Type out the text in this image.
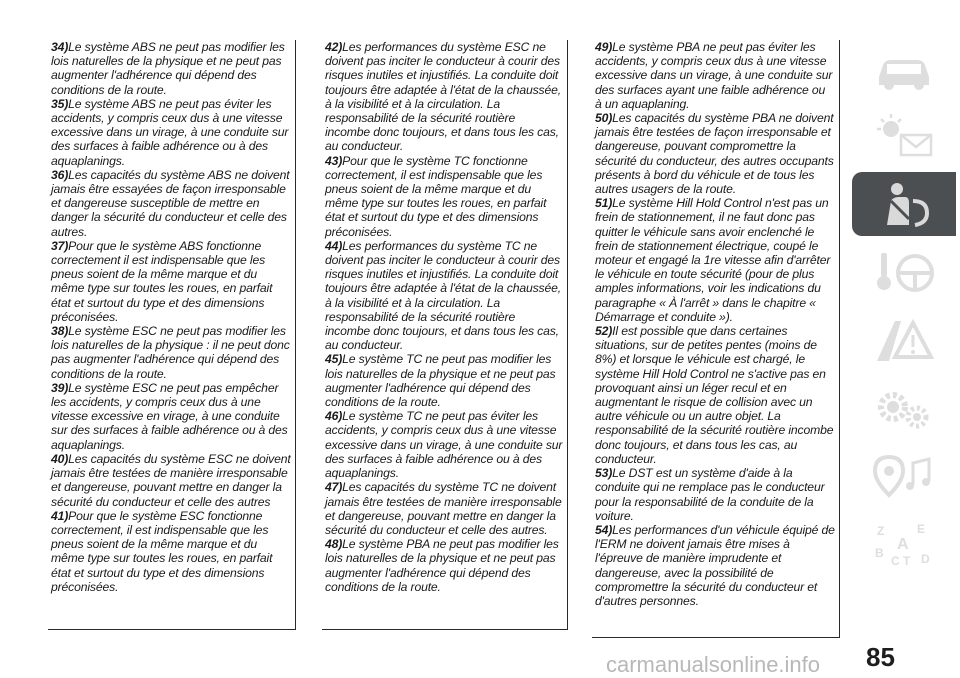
34)Le système ABS ne peut pas modifier les lois naturelles de la physique et ne peut pas augmenter l'adhérence qui dépend des conditions de la route.

35)Le système ABS ne peut pas éviter les accidents, y compris ceux dus à une vitesse excessive dans un virage, à une conduite sur des surfaces à faible adhérence ou à des aquaplanings.

36)Les capacités du système ABS ne doivent jamais être essayées de façon irresponsable et dangereuse susceptible de mettre en danger la sécurité du conducteur et celle des autres.

37)Pour que le système ABS fonctionne correctement il est indispensable que les pneus soient de la même marque et du même type sur toutes les roues, en parfait état et surtout du type et des dimensions préconisées.

38)Le système ESC ne peut pas modifier les lois naturelles de la physique : il ne peut donc pas augmenter l'adhérence qui dépend des conditions de la route.

39)Le système ESC ne peut pas empêcher les accidents, y compris ceux dus à une vitesse excessive en virage, à une conduite sur des surfaces à faible adhérence ou à des aquaplanings.

40)Les capacités du système ESC ne doivent jamais être testées de manière irresponsable et dangereuse, pouvant mettre en danger la sécurité du conducteur et celle des autres

41)Pour que le système ESC fonctionne correctement, il est indispensable que les pneus soient de la même marque et du même type sur toutes les roues, en parfait état et surtout du type et des dimensions préconisées.

42)Les performances du système ESC ne doivent pas inciter le conducteur à courir des risques inutiles et injustifiés. La conduite doit toujours être adaptée à l'état de la chaussée, à la visibilité et à la circulation. La responsabilité de la sécurité routière incombe donc toujours, et dans tous les cas, au conducteur.

43)Pour que le système TC fonctionne correctement, il est indispensable que les pneus soient de la même marque et du même type sur toutes les roues, en parfait état et surtout du type et des dimensions préconisées.

44)Les performances du système TC ne doivent pas inciter le conducteur à courir des risques inutiles et injustifiés. La conduite doit toujours être adaptée à l'état de la chaussée, à la visibilité et à la circulation. La responsabilité de la sécurité routière incombe donc toujours, et dans tous les cas, au conducteur.

45)Le système TC ne peut pas modifier les lois naturelles de la physique et ne peut pas augmenter l'adhérence qui dépend des conditions de la route.

46)Le système TC ne peut pas éviter les accidents, y compris ceux dus à une vitesse excessive dans un virage, à une conduite sur des surfaces à faible adhérence ou à des aquaplanings.

47)Les capacités du système TC ne doivent jamais être testées de manière irresponsable et dangereuse, pouvant mettre en danger la sécurité du conducteur et celle des autres.

48)Le système PBA ne peut pas modifier les lois naturelles de la physique et ne peut pas augmenter l'adhérence qui dépend des conditions de la route.

49)Le système PBA ne peut pas éviter les accidents, y compris ceux dus à une vitesse excessive dans un virage, à une conduite sur des surfaces ayant une faible adhérence ou à un aquaplaning.

50)Les capacités du système PBA ne doivent jamais être testées de façon irresponsable et dangereuse, pouvant compromettre la sécurité du conducteur, des autres occupants présents à bord du véhicule et de tous les autres usagers de la route.

51)Le système Hill Hold Control n'est pas un frein de stationnement, il ne faut donc pas quitter le véhicule sans avoir enclenché le frein de stationnement électrique, coupé le moteur et engagé la 1re vitesse afin d'arrêter le véhicule en toute sécurité (pour de plus amples informations, voir les indications du paragraphe « À l'arrêt » dans le chapitre « Démarrage et conduite »).

52)Il est possible que dans certaines situations, sur de petites pentes (moins de 8%) et lorsque le véhicule est chargé, le système Hill Hold Control ne s'active pas en provoquant ainsi un léger recul et en augmentant le risque de collision avec un autre véhicule ou un autre objet. La responsabilité de la sécurité routière incombe donc toujours, et dans tous les cas, au conducteur.

53)Le DST est un système d'aide à la conduite qui ne remplace pas le conducteur pour la responsabilité de la conduite de la voiture.

54)Les performances d'un véhicule équipé de l'ERM ne doivent jamais être mises à l'épreuve de manière imprudente et dangereuse, avec la possibilité de compromettre la sécurité du conducteur et d'autres personnes.

Z	E
A
B
C T D
85
carmanualsonline.info
